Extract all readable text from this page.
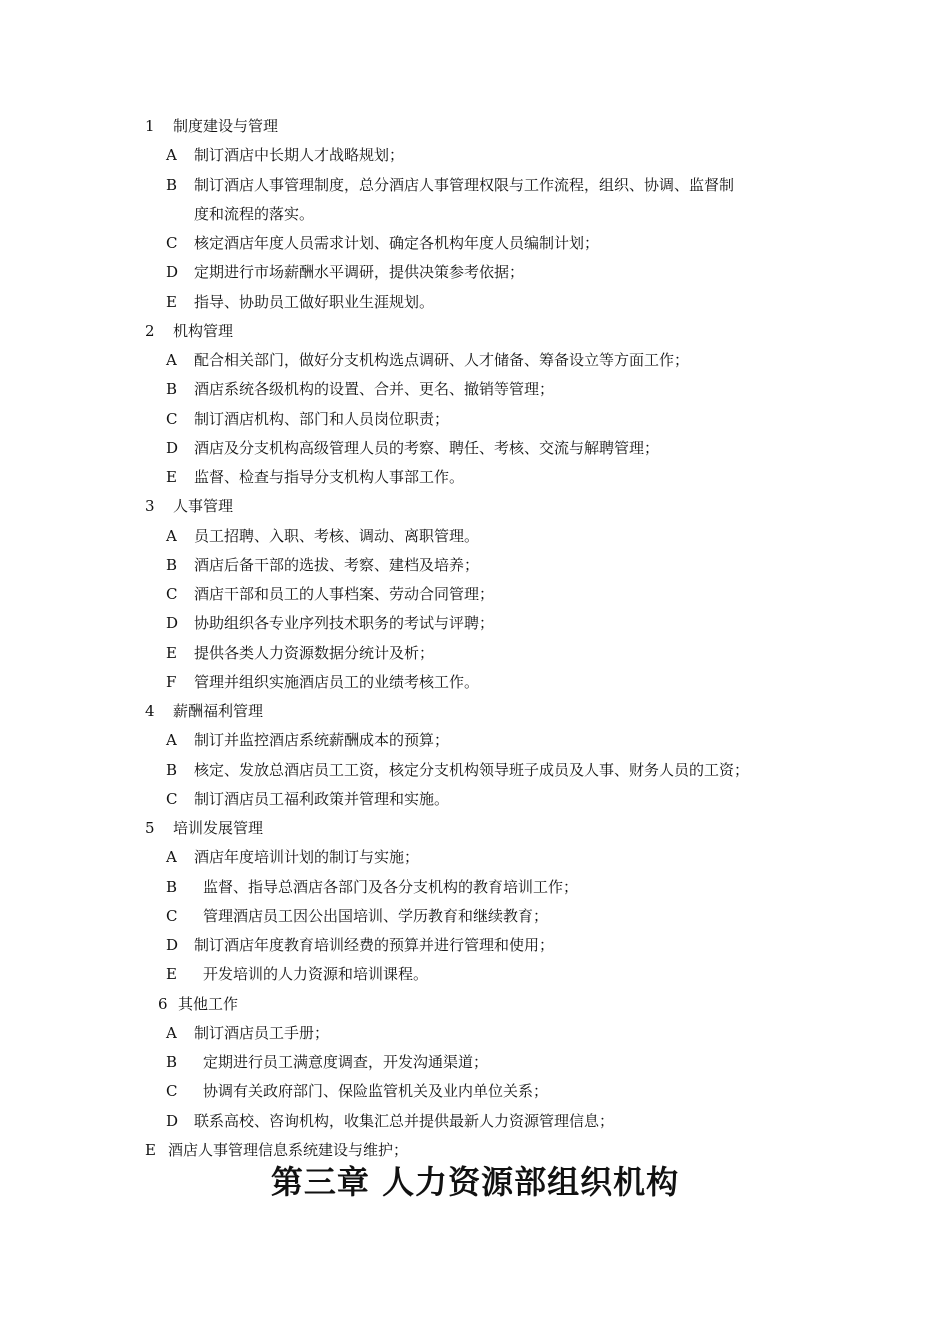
1 制度建设与管理
A 制订酒店中长期人才战略规划；
B 制订酒店人事管理制度，总分酒店人事管理权限与工作流程，组织、协调、监督制
度和流程的落实。
C 核定酒店年度人员需求计划、确定各机构年度人员编制计划；
D 定期进行市场薪酬水平调研，提供决策参考依据；
E 指导、协助员工做好职业生涯规划。
2 机构管理
A 配合相关部门，做好分支机构选点调研、人才储备、筹备设立等方面工作；
B 酒店系统各级机构的设置、合并、更名、撤销等管理；
C 制订酒店机构、部门和人员岗位职责；
D 酒店及分支机构高级管理人员的考察、聘任、考核、交流与解聘管理；
E 监督、检查与指导分支机构人事部工作。
3 人事管理
A 员工招聘、入职、考核、调动、离职管理。
B 酒店后备干部的选拔、考察、建档及培养；
C 酒店干部和员工的人事档案、劳动合同管理；
D 协助组织各专业序列技术职务的考试与评聘；
E 提供各类人力资源数据分统计及析；
F 管理并组织实施酒店员工的业绩考核工作。
4 薪酬福利管理
A 制订并监控酒店系统薪酬成本的预算；
B 核定、发放总酒店员工工资，核定分支机构领导班子成员及人事、财务人员的工资；
C 制订酒店员工福利政策并管理和实施。
5 培训发展管理
A 酒店年度培训计划的制订与实施；
B 监督、指导总酒店各部门及各分支机构的教育培训工作；
C 管理酒店员工因公出国培训、学历教育和继续教育；
D 制订酒店年度教育培训经费的预算并进行管理和使用；
E 开发培训的人力资源和培训课程。
6 其他工作
A 制订酒店员工手册；
B 定期进行员工满意度调查，开发沟通渠道；
C 协调有关政府部门、保险监管机关及业内单位关系；
D 联系高校、咨询机构，收集汇总并提供最新人力资源管理信息；
E 酒店人事管理信息系统建设与维护；
第三章 人力资源部组织机构
